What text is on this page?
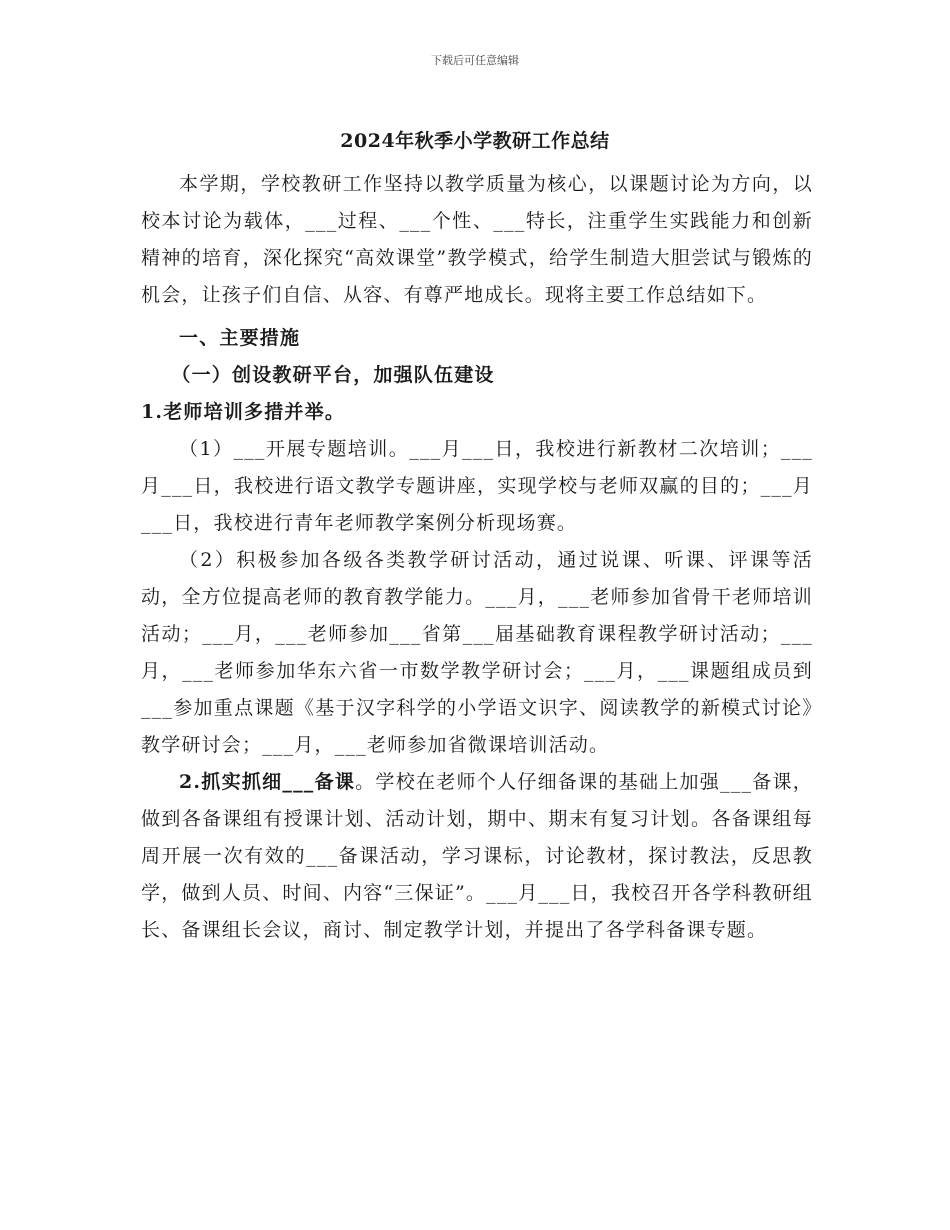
下载后可任意编辑
2024年秋季小学教研工作总结

本学期，学校教研工作坚持以教学质量为核心，以课题讨论为方向，以校本讨论为载体，___过程、___个性、___特长，注重学生实践能力和创新精神的培育，深化探究“高效课堂”教学模式，给学生制造大胆尝试与锻炼的机会，让孩子们自信、从容、有尊严地成长。现将主要工作总结如下。

一、主要措施

（一）创设教研平台，加强队伍建设

1.老师培训多措并举。

（1）___开展专题培训。___月___日，我校进行新教材二次培训；___月___日，我校进行语文教学专题讲座，实现学校与老师双赢的目的；___月___日，我校进行青年老师教学案例分析现场赛。

（2）积极参加各级各类教学研讨活动，通过说课、听课、评课等活动，全方位提高老师的教育教学能力。___月，___老师参加省骨干老师培训活动；___月，___老师参加___省第___届基础教育课程教学研讨活动；___月，___老师参加华东六省一市数学教学研讨会；___月，___课题组成员到___参加重点课题《基于汉字科学的小学语文识字、阅读教学的新模式讨论》教学研讨会；___月，___老师参加省微课培训活动。

2.抓实抓细___备课。学校在老师个人仔细备课的基础上加强___备课，做到各备课组有授课计划、活动计划，期中、期末有复习计划。各备课组每周开展一次有效的___备课活动，学习课标，讨论教材，探讨教法，反思教学，做到人员、时间、内容“三保证”。___月___日，我校召开各学科教研组长、备课组长会议，商讨、制定教学计划，并提出了各学科备课专题。
